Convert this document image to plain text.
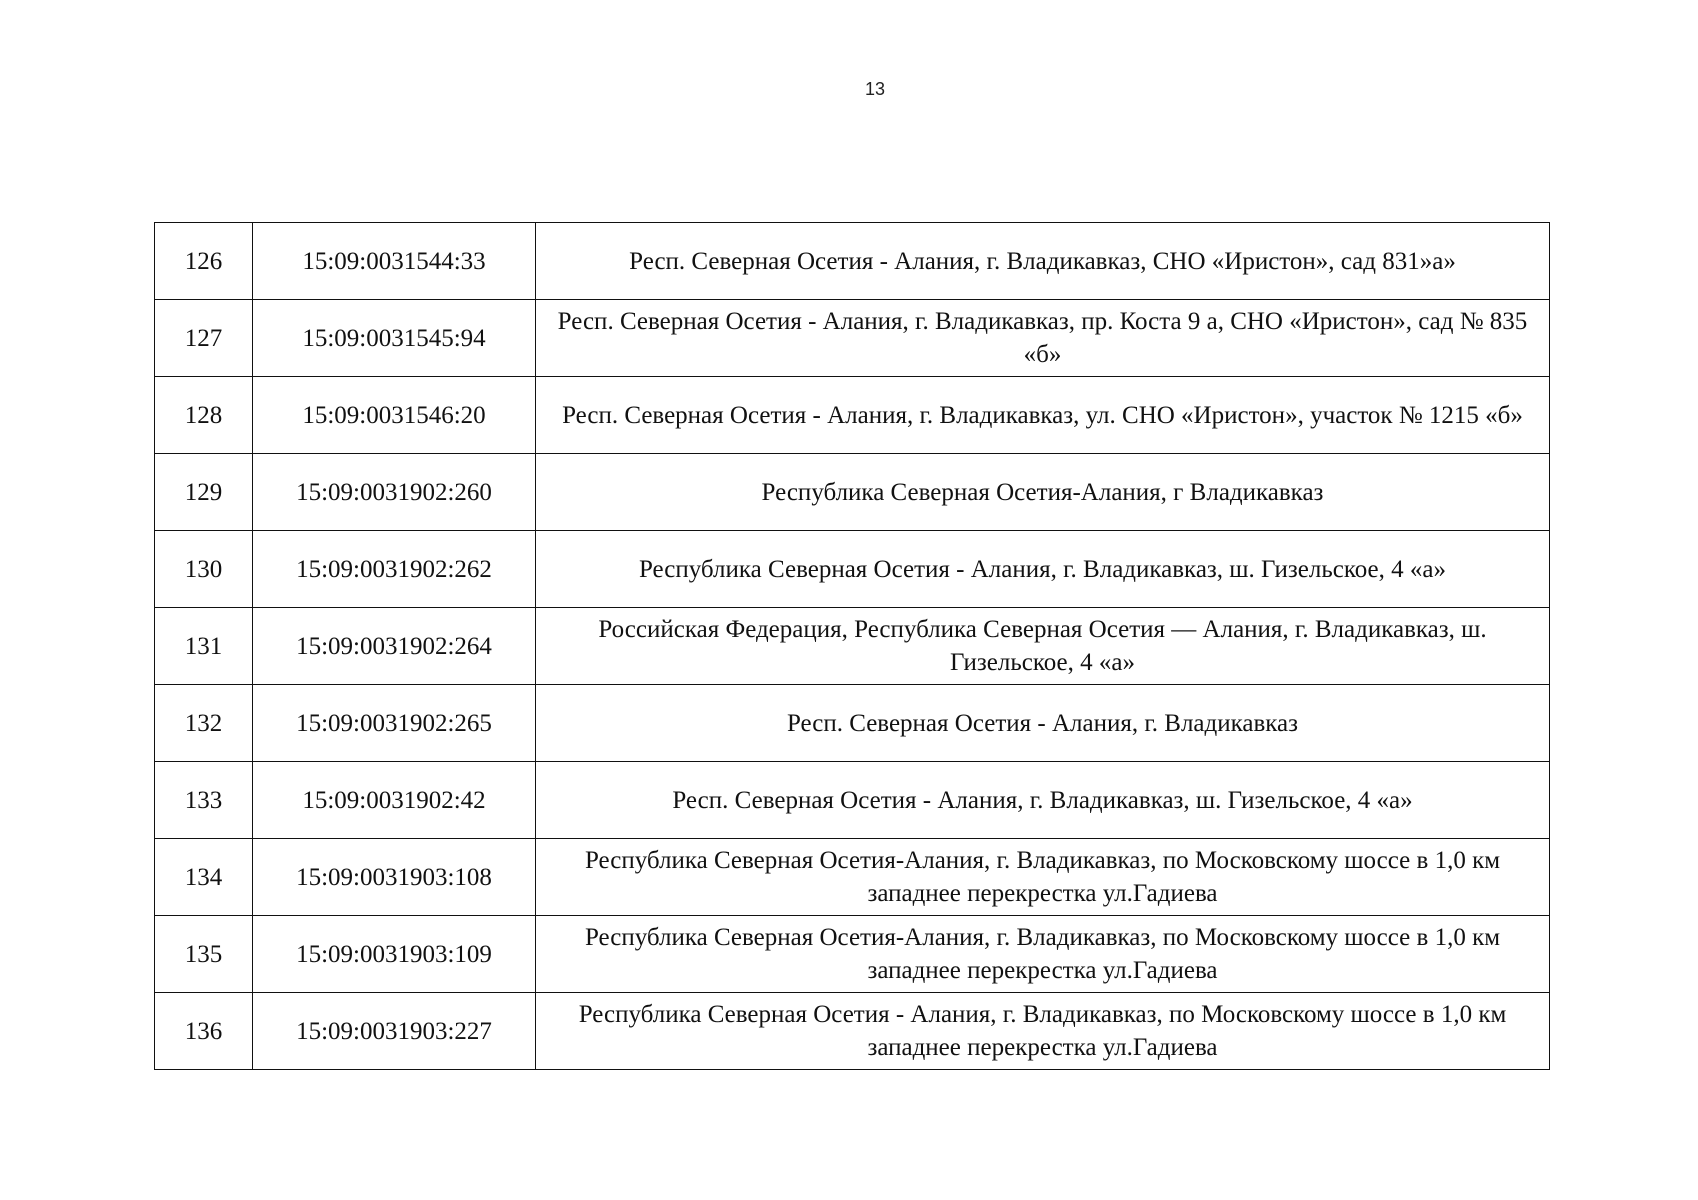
13
126	15:09:0031544:33	Респ. Северная Осетия - Алания, г. Владикавказ, СНО «Иристон», сад 831»а»
127	15:09:0031545:94	Респ. Северная Осетия - Алания, г. Владикавказ, пр. Коста 9 а, СНО «Иристон», сад № 835 «б»
128	15:09:0031546:20	Респ. Северная Осетия - Алания, г. Владикавказ, ул. СНО «Иристон», участок № 1215 «б»
129	15:09:0031902:260	Республика Северная Осетия-Алания, г Владикавказ
130	15:09:0031902:262	Республика Северная Осетия - Алания, г. Владикавказ, ш. Гизельское, 4 «а»
131	15:09:0031902:264	Российская Федерация, Республика Северная Осетия — Алания, г. Владикавказ, ш. Гизельское, 4 «а»
132	15:09:0031902:265	Респ. Северная Осетия - Алания, г. Владикавказ
133	15:09:0031902:42	Респ. Северная Осетия - Алания, г. Владикавказ, ш. Гизельское, 4 «а»
134	15:09:0031903:108	Республика Северная Осетия-Алания, г. Владикавказ, по Московскому шоссе в 1,0 км западнее перекрестка ул.Гадиева
135	15:09:0031903:109	Республика Северная Осетия-Алания, г. Владикавказ, по Московскому шоссе в 1,0 км западнее перекрестка ул.Гадиева
136	15:09:0031903:227	Республика Северная Осетия - Алания, г. Владикавказ, по Московскому шоссе в 1,0 км западнее перекрестка ул.Гадиева
